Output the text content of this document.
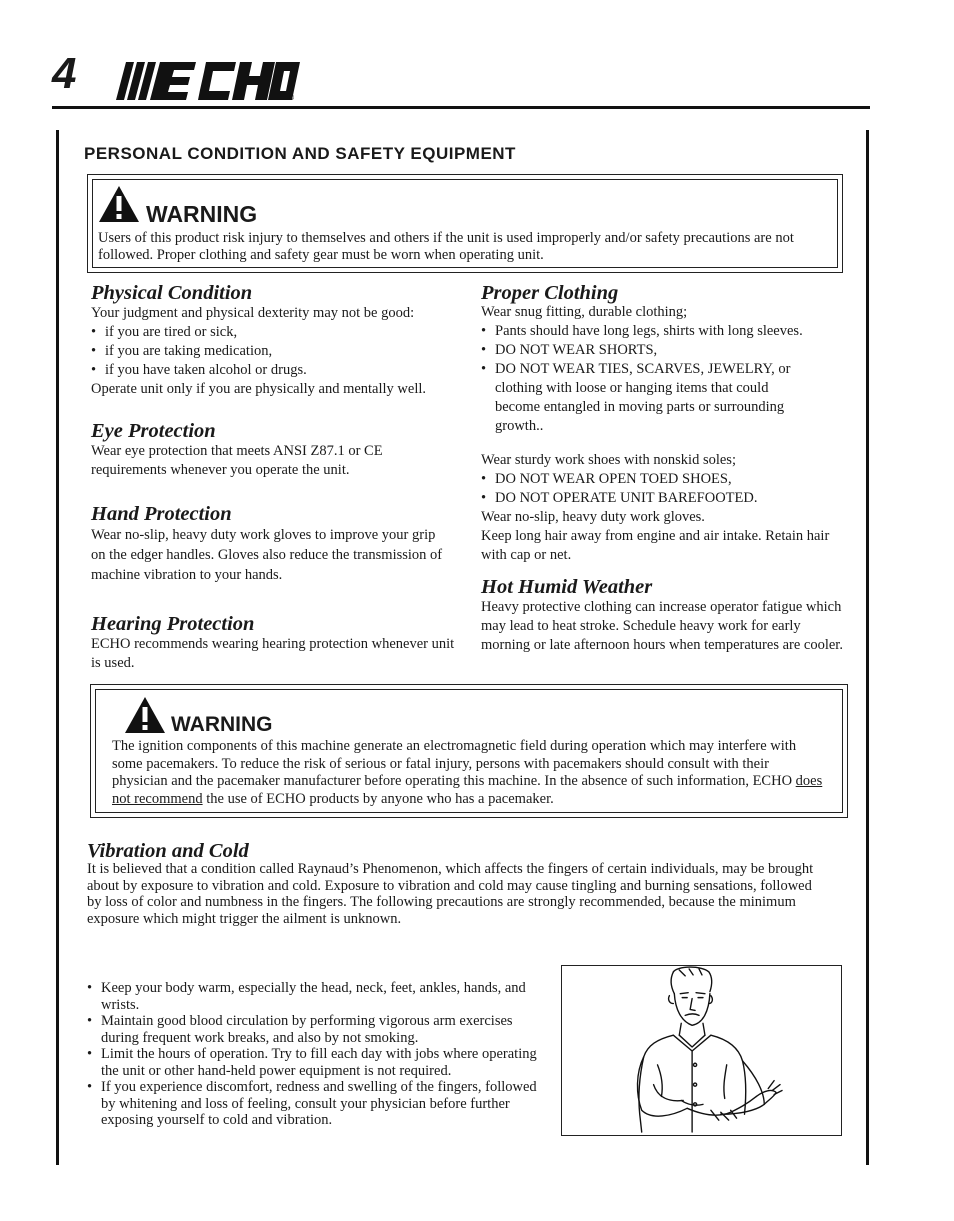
4	®
PERSONAL CONDITION AND SAFETY EQUIPMENT
WARNING
Users of this product risk injury to themselves and others if the unit is used improperly and/or safety precautions are not followed. Proper clothing and safety gear must be worn when operating unit.
Physical Condition
Your judgment and physical dexterity may not be good:
• if you are tired or sick,
• if you are taking medication,
• if you have taken alcohol or drugs.
Operate unit only if you are physically and mentally well.
Eye Protection
Wear eye protection that meets ANSI Z87.1 or CE requirements whenever you operate the unit.
Hand Protection
Wear no-slip, heavy duty work gloves to improve your grip on the edger handles. Gloves also reduce the transmission of machine vibration to your hands.
Hearing Protection
ECHO recommends wearing hearing protection whenever unit is used.
Proper Clothing
Wear snug fitting, durable clothing;
• Pants should have long legs, shirts with long sleeves.
• DO NOT WEAR SHORTS,
• DO NOT WEAR TIES, SCARVES, JEWELRY, or clothing with loose or hanging items that could become entangled in moving parts or surrounding growth..
Wear sturdy work shoes with nonskid soles;
• DO NOT WEAR OPEN TOED SHOES,
• DO NOT OPERATE UNIT BAREFOOTED.
Wear no-slip, heavy duty work gloves.
Keep long hair away from engine and air intake. Retain hair with cap or net.
Hot Humid Weather
Heavy protective clothing can increase operator fatigue which may lead to heat stroke. Schedule heavy work for early morning or late afternoon hours when temperatures are cooler.
WARNING
The ignition components of this machine generate an electromagnetic field during operation which may interfere with some pacemakers. To reduce the risk of serious or fatal injury, persons with pacemakers should consult with their physician and the pacemaker manufacturer before operating this machine. In the absence of such information, ECHO does not recommend the use of ECHO products by anyone who has a pacemaker.
Vibration and Cold
It is believed that a condition called Raynaud’s Phenomenon, which affects the fingers of certain individuals, may be brought about by exposure to vibration and cold. Exposure to vibration and cold may cause tingling and burning sensations, followed by loss of color and numbness in the fingers. The following precautions are strongly recommended, because the minimum exposure which might trigger the ailment is unknown.
• Keep your body warm, especially the head, neck, feet, ankles, hands, and wrists.
• Maintain good blood circulation by performing vigorous arm exercises during frequent work breaks, and also by not smoking.
• Limit the hours of operation. Try to fill each day with jobs where operating the unit or other hand-held power equipment is not required.
• If you experience discomfort, redness and swelling of the fingers, followed by whitening and loss of feeling, consult your physician before further exposing yourself to cold and vibration.
